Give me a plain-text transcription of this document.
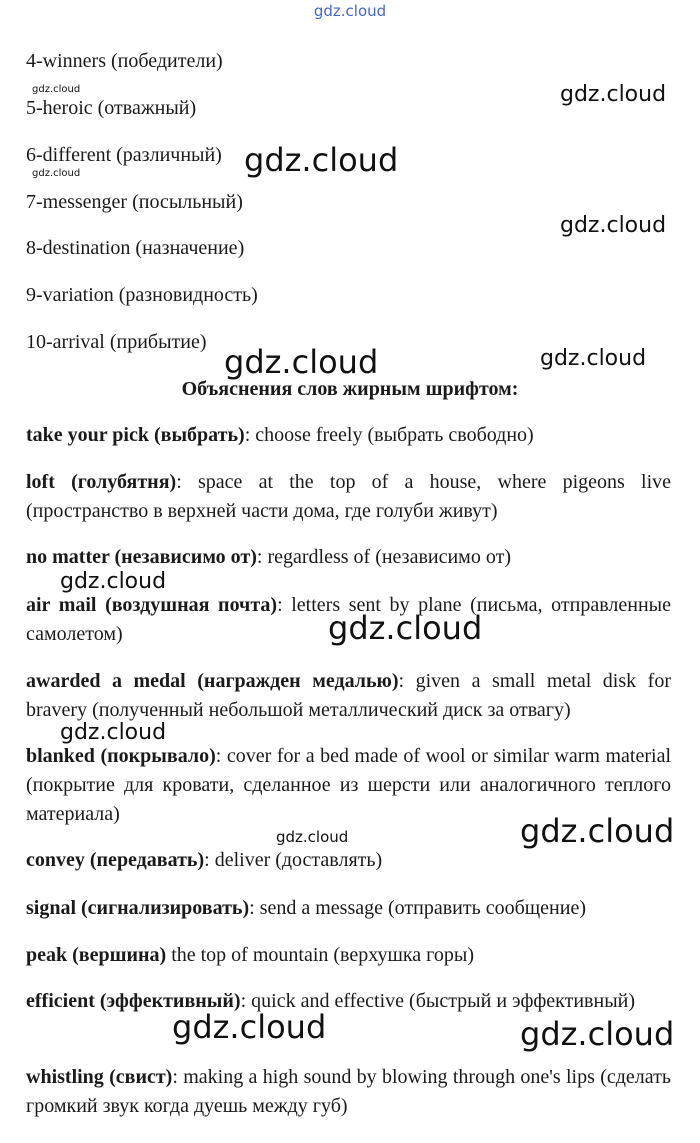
gdz.cloud
4-winners (победители)
5-heroic (отважный)
6-different (различный)
7-messenger (посыльный)
8-destination (назначение)
9-variation (разновидность)
10-arrival (прибытие)
Объяснения слов жирным шрифтом:
take your pick (выбрать): choose freely (выбрать свободно)
loft (голубятня): space at the top of a house, where pigeons live (пространство в верхней части дома, где голуби живут)
no matter (независимо от): regardless of (независимо от)
air mail (воздушная почта): letters sent by plane (письма, отправленные самолетом)
awarded a medal (награжден медалью): given a small metal disk for bravery (полученный небольшой металлический диск за отвагу)
blanked (покрывало): cover for a bed made of wool or similar warm material (покрытие для кровати, сделанное из шерсти или аналогичного теплого материала)
convey (передавать): deliver (доставлять)
signal (сигнализировать): send a message (отправить сообщение)
peak (вершина) the top of mountain (верхушка горы)
efficient (эффективный): quick and effective (быстрый и эффективный)
whistling (свист): making a high sound by blowing through one's lips (сделать громкий звук когда дуешь между губ)
gdz.cloud
gdz.cloud
gdz.cloud
gdz.cloud
gdz.cloud
gdz.cloud	gdz.cloud
gdz.cloud
gdz.cloud
gdz.cloud
gdz.cloud	gdz.cloud
gdz.cloud	gdz.cloud
